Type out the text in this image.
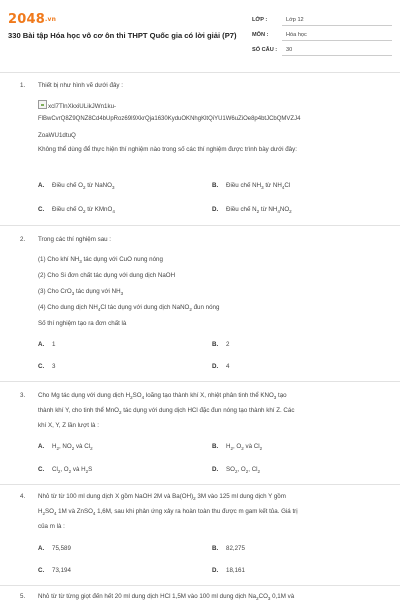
2048.vn
330 Bài tập Hóa học vô cơ ôn thi THPT Quốc gia có lời giải (P7)
LỚP :	Lớp 12
MÔN :	Hóa học
SỐ CÂU : 30
1. Thiết bị như hình vẽ dưới đây :
xcl7TlnXkxiULikJWn1ku-
FlBwCvrQ8Z9QNZ8Cd4bUpRoz69I9XkrQja1630KyduOKNhgKltQiYU1W6uZiOe8p4btJCbQMVZJ4
ZoaWU1dtuQ
Không thể dùng để thực hiện thí nghiệm nào trong số các thí nghiệm được trình bày dưới đây:
A. Điều chế $O_2$ từ NaNO$_3$	B. Điều chế $NH_3$ từ $NH_4Cl$
C. Điều chế $O_2$ từ KMnO$_4$	D. Điều chế $N_2$ từ $NH_4NO_2$
2. Trong các thí nghiệm sau :
(1) Cho khí $NH_3$ tác dụng với CuO nung nóng
(2) Cho Si đơn chất tác dụng với dung dịch NaOH
(3) Cho CrO$_3$ tác dụng với $NH_3$
(4) Cho dung dịch $NH_4Cl$ tác dụng với dung dịch NaNO$_2$ đun nóng
Số thí nghiệm tạo ra đơn chất là
A. 1	B. 2
C. 3	D. 4
3. Cho Mg tác dụng với dung dịch $H_2SO_4$ loãng tạo thành khí X, nhiệt phân tinh thể $KNO_3$ tạo
thành khí Y, cho tinh thể MnO$_2$ tác dụng với dung dịch HCl đặc đun nóng tạo thành khí Z. Các
khí X, Y, Z lần lượt là :
A. $H_2$, $NO_2$ và $Cl_2$	B. $H_2$, $O_2$ và $Cl_2$
C. $Cl_2$, $O_2$ và $H_2S$	D. $SO_2$, $O_2$, $Cl_2$
4. Nhỏ từ từ 100 ml dung dịch X gồm NaOH 2M và $Ba(OH)_2$ 3M vào 125 ml dung dịch Y gồm
$H_2SO_4$ 1M và ZnSO$_4$ 1,6M, sau khi phản ứng xảy ra hoàn toàn thu được m gam kết tủa. Giá trị
của m là :
A. 75,589	B. 82,275
C. 73,194	D. 18,161
5. Nhỏ từ từ từng giọt đến hết 20 ml dung dịch HCl 1,5M vào 100 ml dung dịch $Na_2CO_3$ 0,1M và
